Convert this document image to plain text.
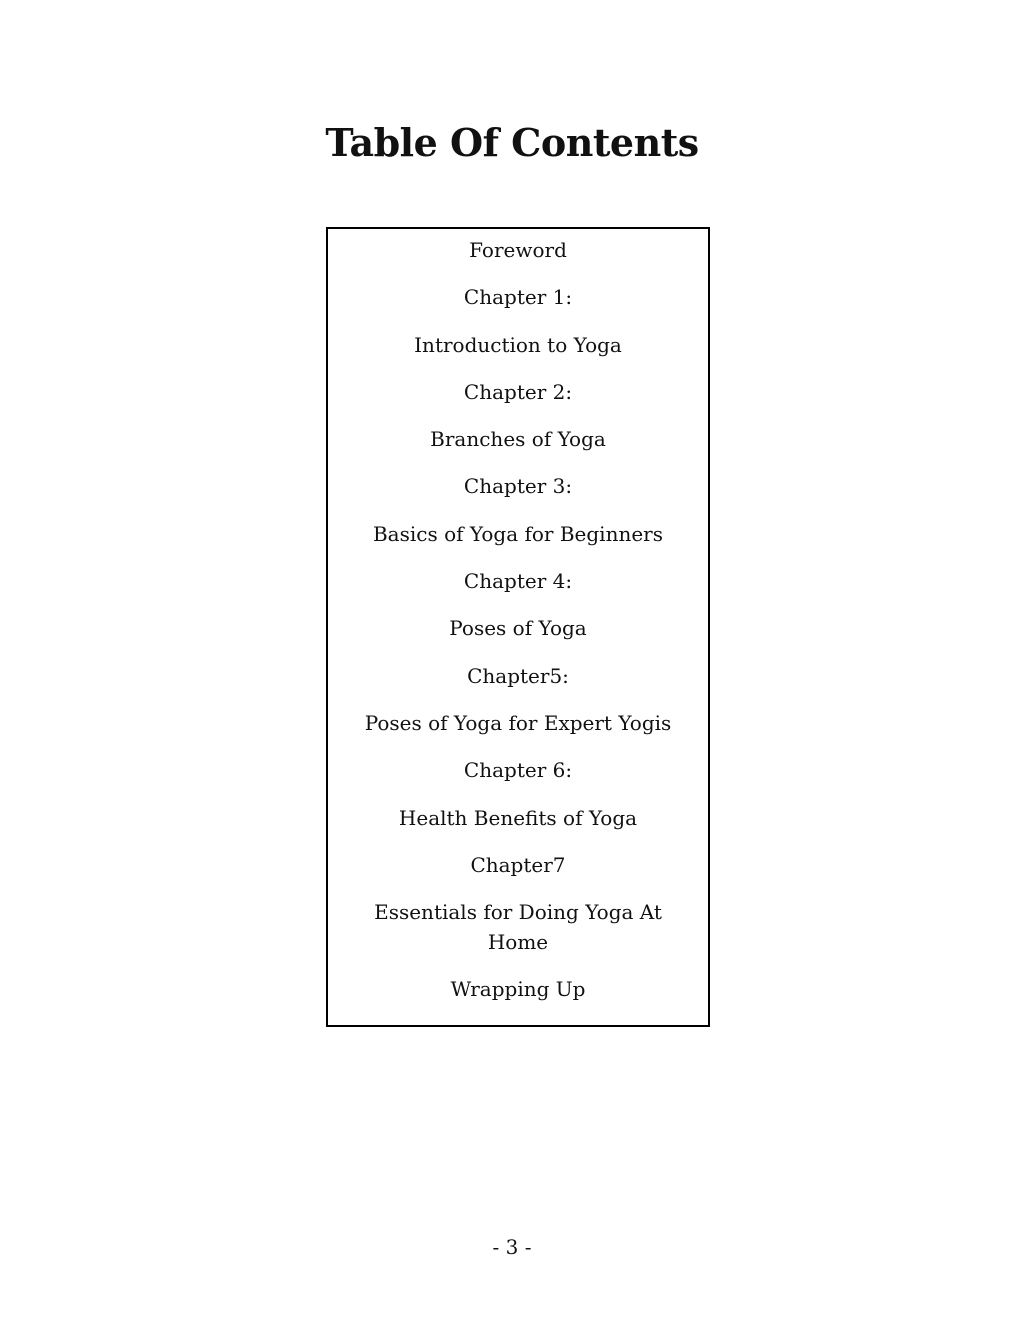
Table Of Contents
Foreword
Chapter 1:
Introduction to Yoga
Chapter 2:
Branches of Yoga
Chapter 3:
Basics of Yoga for Beginners
Chapter 4:
Poses of Yoga
Chapter5:
Poses of Yoga for Expert Yogis
Chapter 6:
Health Benefits of Yoga
Chapter7
Essentials for Doing Yoga At Home
Wrapping Up
- 3 -
